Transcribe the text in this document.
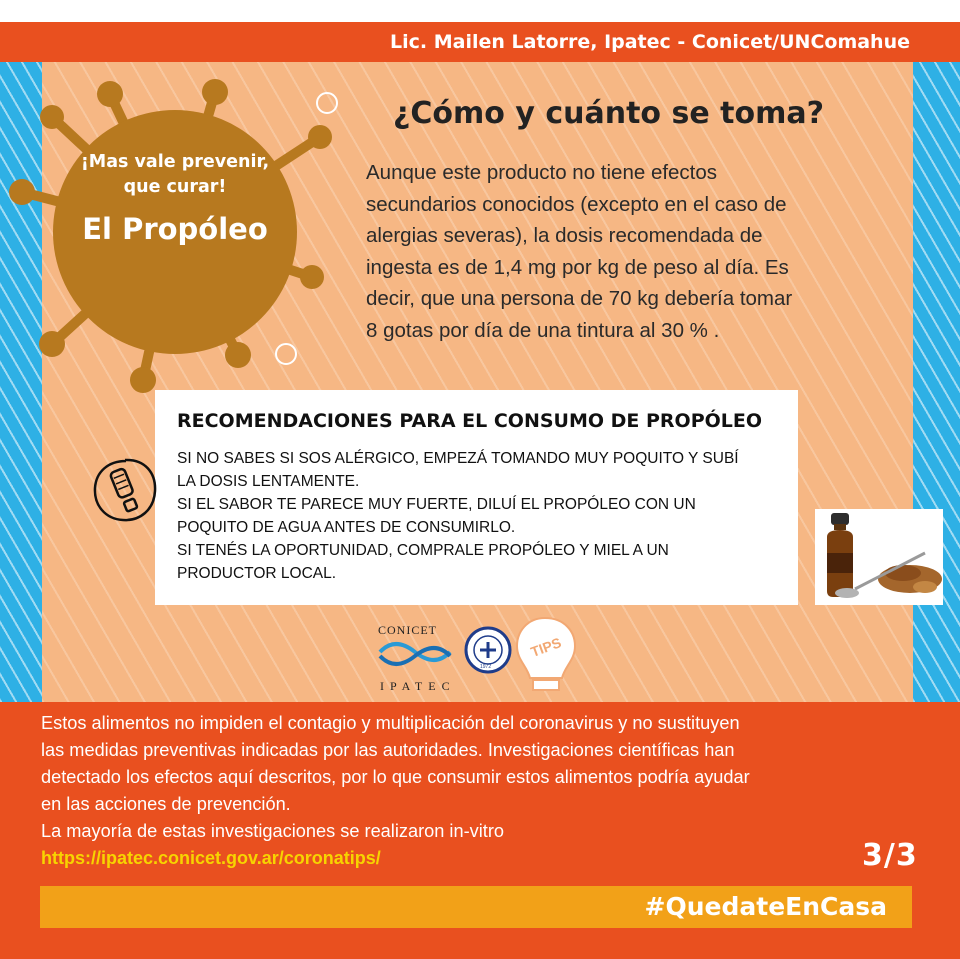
Lic. Mailen Latorre, Ipatec - Conicet/UNComahue
¡Mas vale prevenir,
que curar!
El Propóleo
¿Cómo y cuánto se toma?
Aunque este producto no tiene efectos
secundarios conocidos (excepto en el caso de
alergias severas), la dosis recomendada de
ingesta es de 1,4 mg por kg de peso al día. Es
decir, que una persona de 70 kg debería tomar
8 gotas por día de una tintura al 30 % .
RECOMENDACIONES PARA EL CONSUMO DE PROPÓLEO
SI NO SABES SI SOS ALÉRGICO, EMPEZÁ TOMANDO MUY POQUITO Y SUBÍ
LA DOSIS LENTAMENTE.
SI EL SABOR TE PARECE MUY FUERTE, DILUÍ EL PROPÓLEO CON UN
POQUITO DE AGUA ANTES DE CONSUMIRLO.
SI TENÉS LA OPORTUNIDAD, COMPRALE PROPÓLEO Y MIEL A UN
PRODUCTOR LOCAL.
CONICET
IPATEC
1972
TIPS
Estos alimentos no impiden el contagio y multiplicación del coronavirus y no sustituyen
las medidas preventivas indicadas por las autoridades. Investigaciones científicas han
detectado los efectos aquí descritos, por lo que consumir estos alimentos podría ayudar
en las acciones de prevención.
La mayoría de estas investigaciones se realizaron in-vitro
https://ipatec.conicet.gov.ar/coronatips/	3/3
#QuedateEnCasa
